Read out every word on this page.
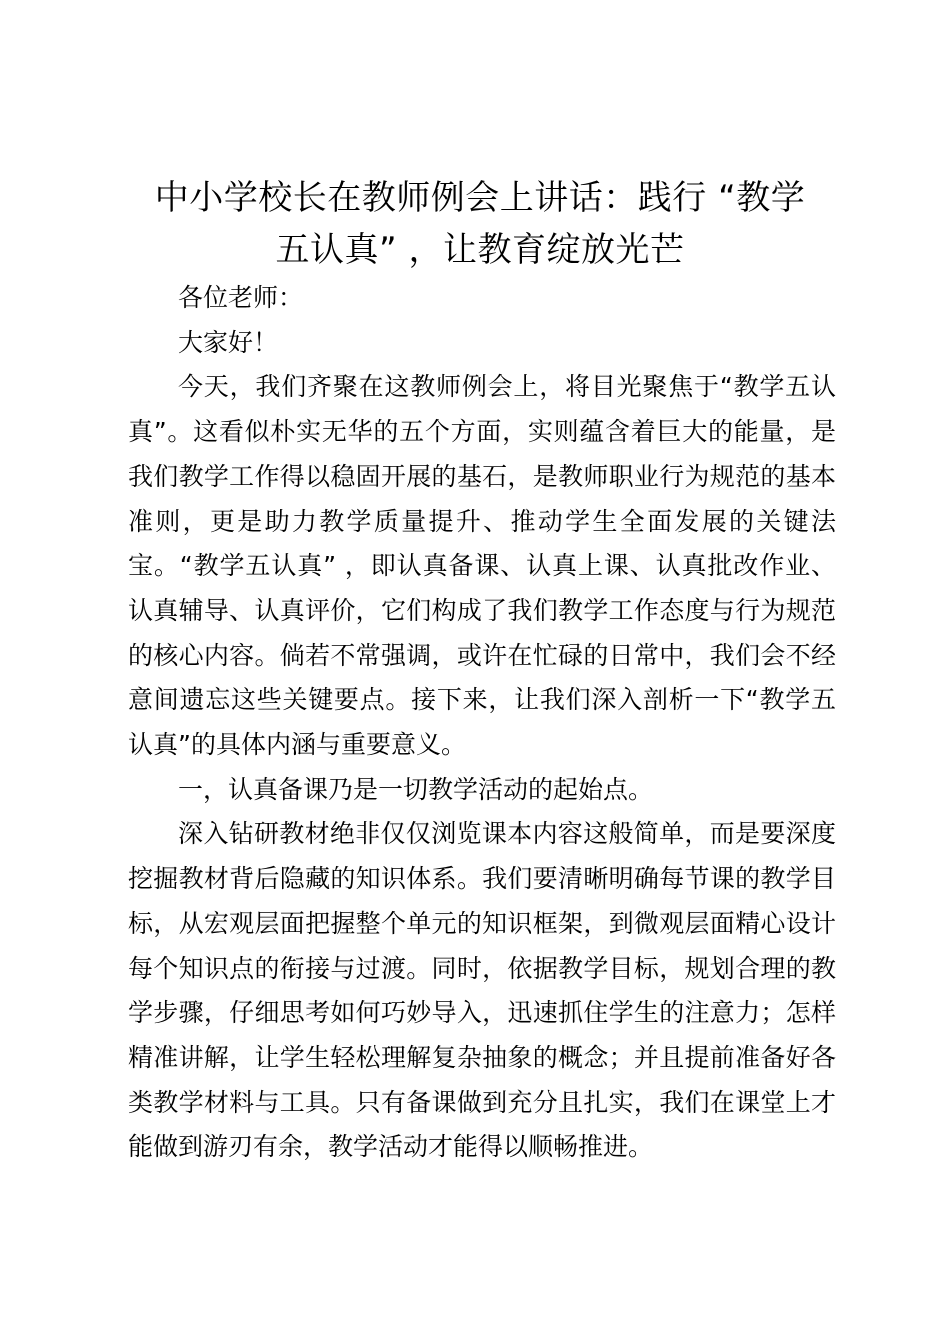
中小学校长在教师例会上讲话：践行 “教学
五认真” ，让教育绽放光芒

各位老师：

大家好！

今天，我们齐聚在这教师例会上，将目光聚焦于“教学五认真”。这看似朴实无华的五个方面，实则蕴含着巨大的能量，是我们教学工作得以稳固开展的基石，是教师职业行为规范的基本准则，更是助力教学质量提升、推动学生全面发展的关键法宝。“教学五认真” ，即认真备课、认真上课、认真批改作业、认真辅导、认真评价，它们构成了我们教学工作态度与行为规范的核心内容。倘若不常强调，或许在忙碌的日常中，我们会不经意间遗忘这些关键要点。接下来，让我们深入剖析一下“教学五认真”的具体内涵与重要意义。

一，认真备课乃是一切教学活动的起始点。

深入钻研教材绝非仅仅浏览课本内容这般简单，而是要深度挖掘教材背后隐藏的知识体系。我们要清晰明确每节课的教学目标，从宏观层面把握整个单元的知识框架，到微观层面精心设计每个知识点的衔接与过渡。同时，依据教学目标，规划合理的教学步骤，仔细思考如何巧妙导入，迅速抓住学生的注意力；怎样精准讲解，让学生轻松理解复杂抽象的概念；并且提前准备好各类教学材料与工具。只有备课做到充分且扎实，我们在课堂上才能做到游刃有余，教学活动才能得以顺畅推进。
